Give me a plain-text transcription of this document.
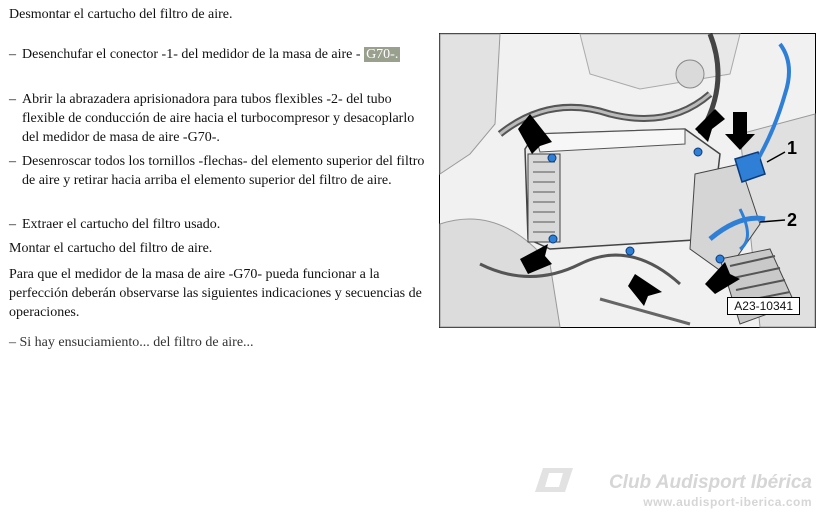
Desmontar el cartucho del filtro de aire.

– Desenchufar el conector -1- del medidor de la masa de aire - G70-.
– Abrir la abrazadera aprisionadora para tubos flexibles -2- del tubo flexible de conducción de aire hacia el turbocompresor y desacoplarlo del medidor de masa de aire -G70-.
– Desenroscar todos los tornillos -flechas- del elemento superior del filtro de aire y retirar hacia arriba el elemento superior del filtro de aire.
– Extraer el cartucho del filtro usado.

Montar el cartucho del filtro de aire.

Para que el medidor de la masa de aire -G70- pueda funcionar a la perfección deberán observarse las siguientes indicaciones y secuencias de operaciones.

– Si hay ensuciamiento... del filtro de aire...
1
2
A23-10341
Club Audisport Ibérica
www.audisport-iberica.com
